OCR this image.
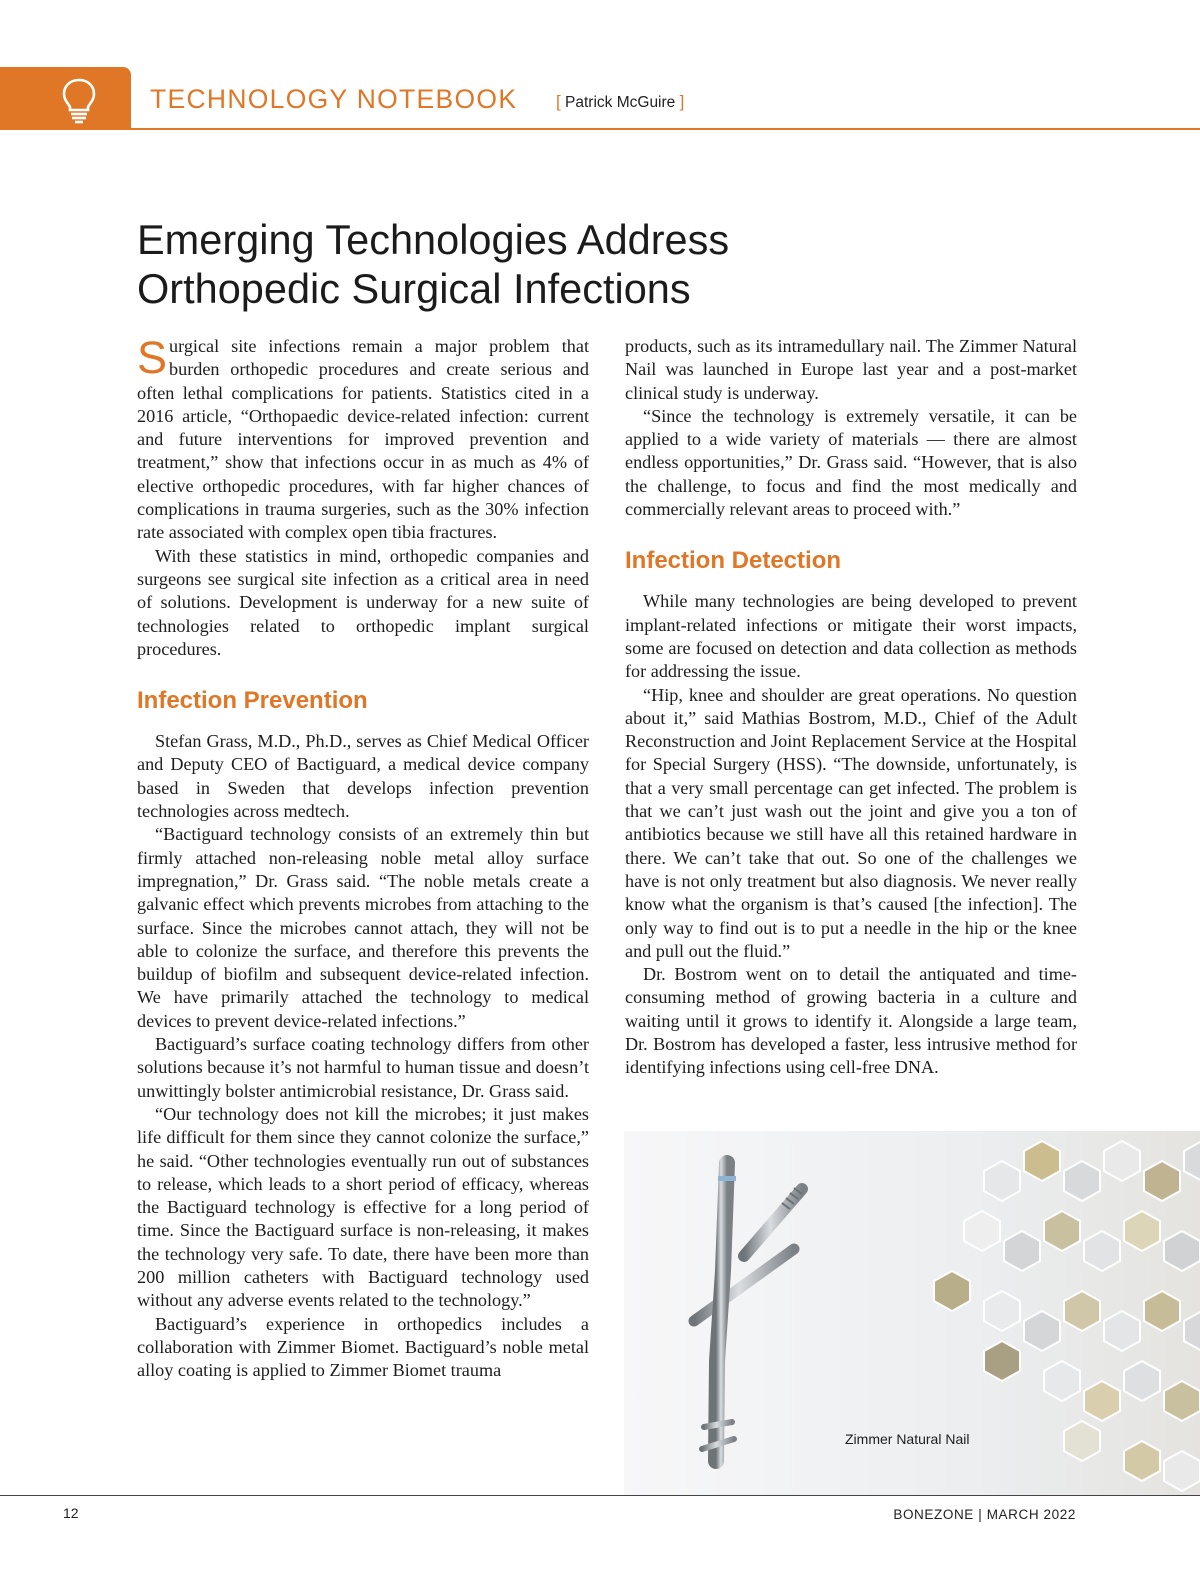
TECHNOLOGY NOTEBOOK [ Patrick McGuire ]
Emerging Technologies Address
Orthopedic Surgical Infections

Surgical site infections remain a major problem that burden orthopedic procedures and create serious and often lethal complications for patients. Statistics cited in a 2016 article, “Orthopaedic device-related infection: current and future interventions for improved prevention and treatment,” show that infections occur in as much as 4% of elective orthopedic procedures, with far higher chances of complications in trauma surgeries, such as the 30% infection rate associated with complex open tibia fractures.

With these statistics in mind, orthopedic companies and surgeons see surgical site infection as a critical area in need of solutions. Development is underway for a new suite of technologies related to orthopedic implant surgical procedures.

Infection Prevention

Stefan Grass, M.D., Ph.D., serves as Chief Medical Officer and Deputy CEO of Bactiguard, a medical device company based in Sweden that develops infection prevention technologies across medtech.

“Bactiguard technology consists of an extremely thin but firmly attached non-releasing noble metal alloy surface impregnation,” Dr. Grass said. “The noble metals create a galvanic effect which prevents microbes from attaching to the surface. Since the microbes cannot attach, they will not be able to colonize the surface, and therefore this prevents the buildup of biofilm and subsequent device-related infection. We have primarily attached the technology to medical devices to prevent device-related infections.”

Bactiguard’s surface coating technology differs from other solutions because it’s not harmful to human tissue and doesn’t unwittingly bolster antimicrobial resistance, Dr. Grass said.

“Our technology does not kill the microbes; it just makes life difficult for them since they cannot colonize the surface,” he said. “Other technologies eventually run out of substances to release, which leads to a short period of efficacy, whereas the Bactiguard technology is effective for a long period of time. Since the Bactiguard surface is non-releasing, it makes the technology very safe. To date, there have been more than 200 million catheters with Bactiguard technology used without any adverse events related to the technology.”

Bactiguard’s experience in orthopedics includes a collaboration with Zimmer Biomet. Bactiguard’s noble metal alloy coating is applied to Zimmer Biomet trauma

products, such as its intramedullary nail. The Zimmer Natural Nail was launched in Europe last year and a post-market clinical study is underway.

“Since the technology is extremely versatile, it can be applied to a wide variety of materials — there are almost endless opportunities,” Dr. Grass said. “However, that is also the challenge, to focus and find the most medically and commercially relevant areas to proceed with.”

Infection Detection

While many technologies are being developed to prevent implant-related infections or mitigate their worst impacts, some are focused on detection and data collection as methods for addressing the issue.

“Hip, knee and shoulder are great operations. No question about it,” said Mathias Bostrom, M.D., Chief of the Adult Reconstruction and Joint Replacement Service at the Hospital for Special Surgery (HSS). “The downside, unfortunately, is that a very small percentage can get infected. The problem is that we can’t just wash out the joint and give you a ton of antibiotics because we still have all this retained hardware in there. We can’t take that out. So one of the challenges we have is not only treatment but also diagnosis. We never really know what the organism is that’s caused [the infection]. The only way to find out is to put a needle in the hip or the knee and pull out the fluid.”

Dr. Bostrom went on to detail the antiquated and time-consuming method of growing bacteria in a culture and waiting until it grows to identify it. Alongside a large team, Dr. Bostrom has developed a faster, less intrusive method for identifying infections using cell-free DNA.

Zimmer Natural Nail
12	BONEZONE | MARCH 2022
